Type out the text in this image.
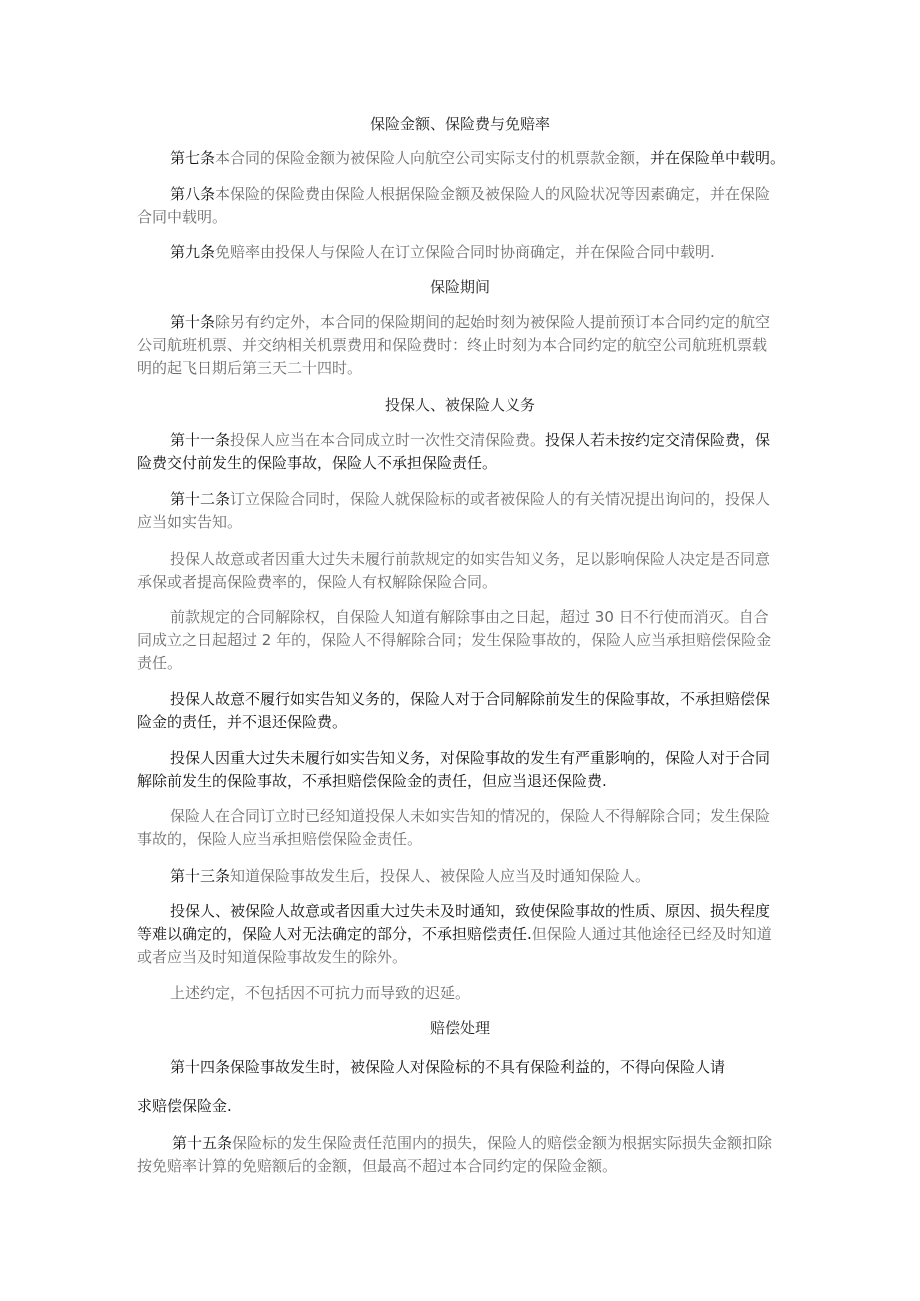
保险金额、保险费与免赔率
第七条本合同的保险金额为被保险人向航空公司实际支付的机票款金额，并在保险单中载明。
第八条本保险的保险费由保险人根据保险金额及被保险人的风险状况等因素确定，并在保险
合同中载明。
第九条免赔率由投保人与保险人在订立保险合同时协商确定，并在保险合同中载明.
保险期间
第十条除另有约定外，本合同的保险期间的起始时刻为被保险人提前预订本合同约定的航空
公司航班机票、并交纳相关机票费用和保险费时：终止时刻为本合同约定的航空公司航班机票载
明的起飞日期后第三天二十四时。
投保人、被保险人义务
第十一条投保人应当在本合同成立时一次性交清保险费。投保人若未按约定交清保险费，保
险费交付前发生的保险事故，保险人不承担保险责任。
第十二条订立保险合同时，保险人就保险标的或者被保险人的有关情况提出询问的，投保人
应当如实告知。
投保人故意或者因重大过失未履行前款规定的如实告知义务，足以影响保险人决定是否同意
承保或者提高保险费率的，保险人有权解除保险合同。
前款规定的合同解除权，自保险人知道有解除事由之日起，超过 30 日不行使而消灭。自合
同成立之日起超过 2 年的，保险人不得解除合同；发生保险事故的，保险人应当承担赔偿保险金
责任。
投保人故意不履行如实告知义务的，保险人对于合同解除前发生的保险事故，不承担赔偿保
险金的责任，并不退还保险费。
投保人因重大过失未履行如实告知义务，对保险事故的发生有严重影响的，保险人对于合同
解除前发生的保险事故，不承担赔偿保险金的责任，但应当退还保险费.
保险人在合同订立时已经知道投保人未如实告知的情况的，保险人不得解除合同；发生保险
事故的，保险人应当承担赔偿保险金责任。
第十三条知道保险事故发生后，投保人、被保险人应当及时通知保险人。
投保人、被保险人故意或者因重大过失未及时通知，致使保险事故的性质、原因、损失程度
等难以确定的，保险人对无法确定的部分，不承担赔偿责任.但保险人通过其他途径已经及时知道
或者应当及时知道保险事故发生的除外。
上述约定，不包括因不可抗力而导致的迟延。
赔偿处理
第十四条保险事故发生时，被保险人对保险标的不具有保险利益的，不得向保险人请
求赔偿保险金.
第十五条保险标的发生保险责任范围内的损失，保险人的赔偿金额为根据实际损失金额扣除
按免赔率计算的免赔额后的金额，但最高不超过本合同约定的保险金额。
